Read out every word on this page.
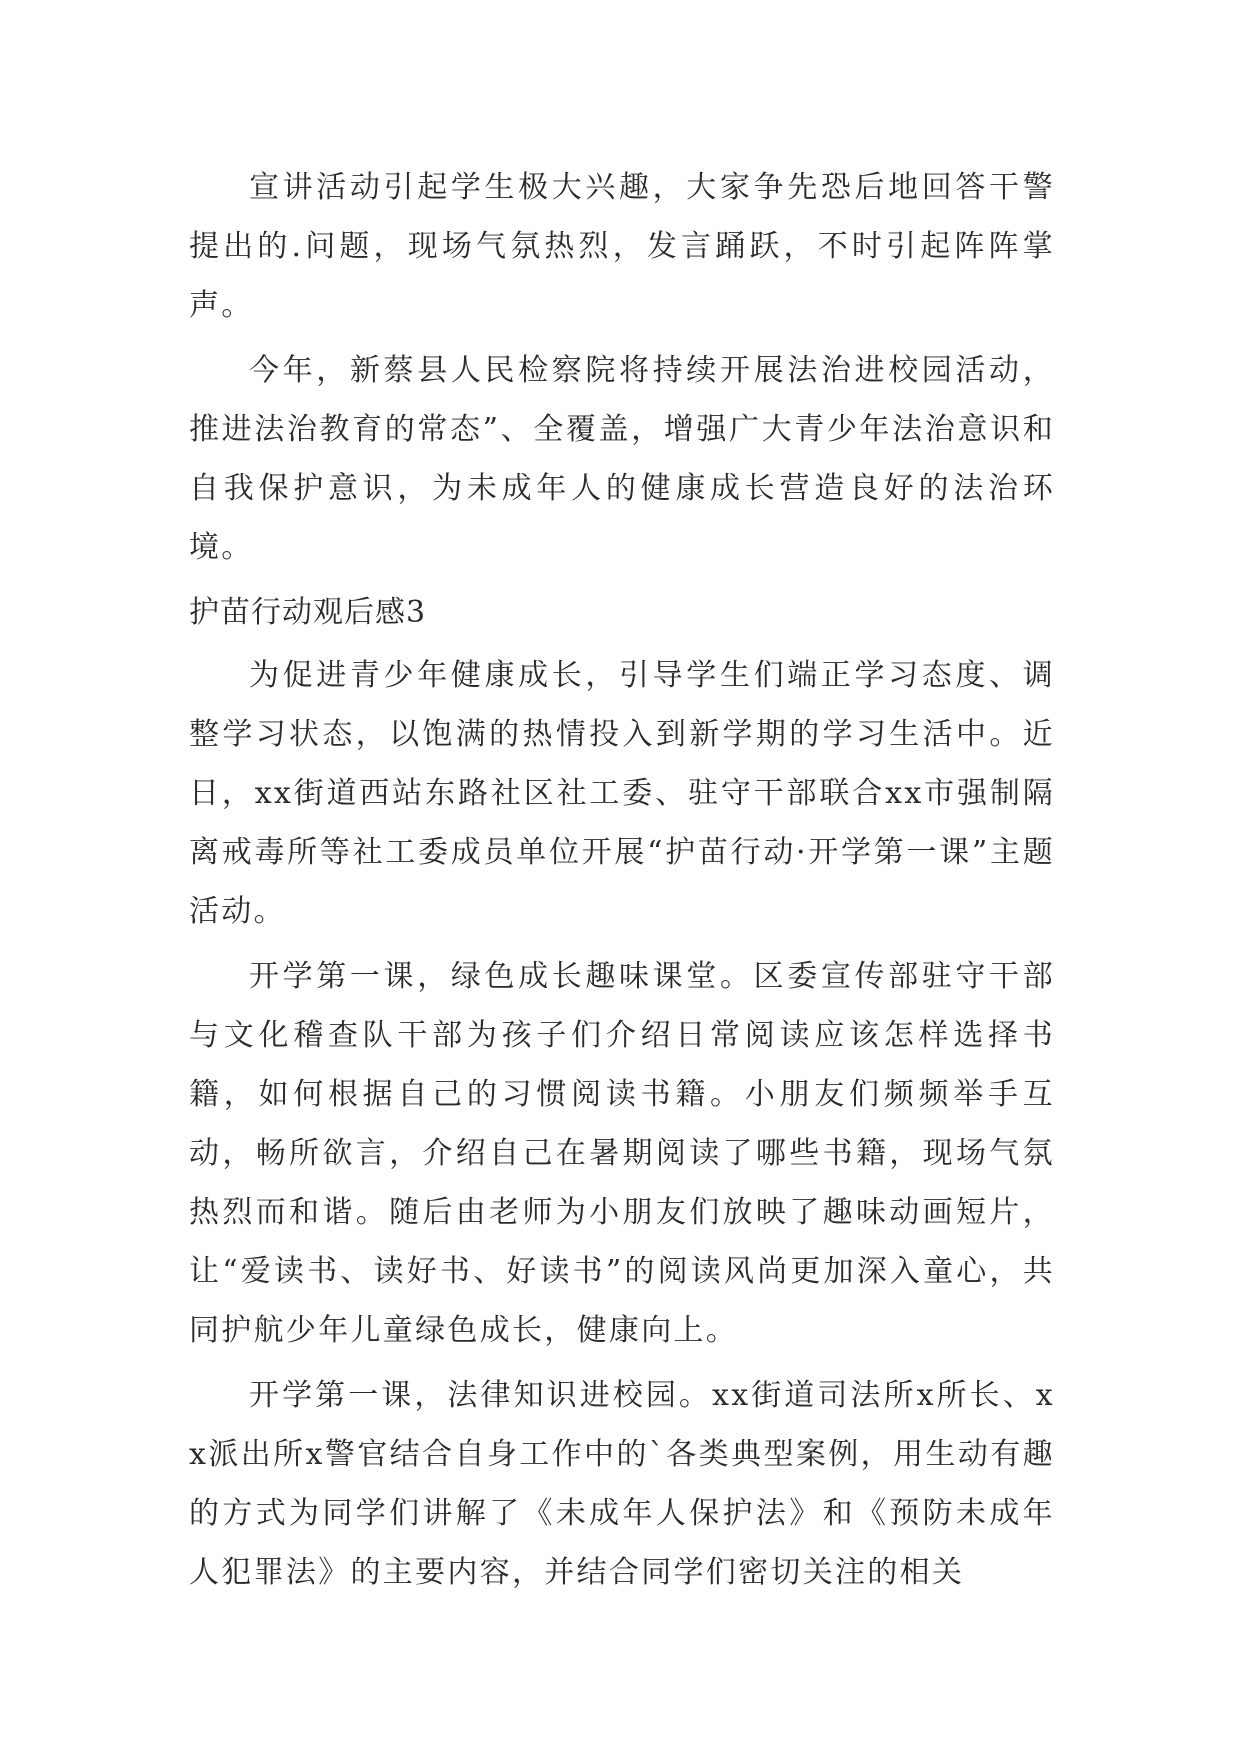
宣讲活动引起学生极大兴趣，大家争先恐后地回答干警提出的.问题，现场气氛热烈，发言踊跃，不时引起阵阵掌声。

今年，新蔡县人民检察院将持续开展法治进校园活动，推进法治教育的常态”、全覆盖，增强广大青少年法治意识和自我保护意识，为未成年人的健康成长营造良好的法治环境。

护苗行动观后感3

为促进青少年健康成长，引导学生们端正学习态度、调整学习状态，以饱满的热情投入到新学期的学习生活中。近日，xx街道西站东路社区社工委、驻守干部联合xx市强制隔离戒毒所等社工委成员单位开展“护苗行动·开学第一课”主题活动。

开学第一课，绿色成长趣味课堂。区委宣传部驻守干部与文化稽查队干部为孩子们介绍日常阅读应该怎样选择书籍，如何根据自己的习惯阅读书籍。小朋友们频频举手互动，畅所欲言，介绍自己在暑期阅读了哪些书籍，现场气氛热烈而和谐。随后由老师为小朋友们放映了趣味动画短片，让“爱读书、读好书、好读书”的阅读风尚更加深入童心，共同护航少年儿童绿色成长，健康向上。

开学第一课，法律知识进校园。xx街道司法所x所长、xx派出所x警官结合自身工作中的`各类典型案例，用生动有趣的方式为同学们讲解了《未成年人保护法》和《预防未成年人犯罪法》的主要内容，并结合同学们密切关注的相关
